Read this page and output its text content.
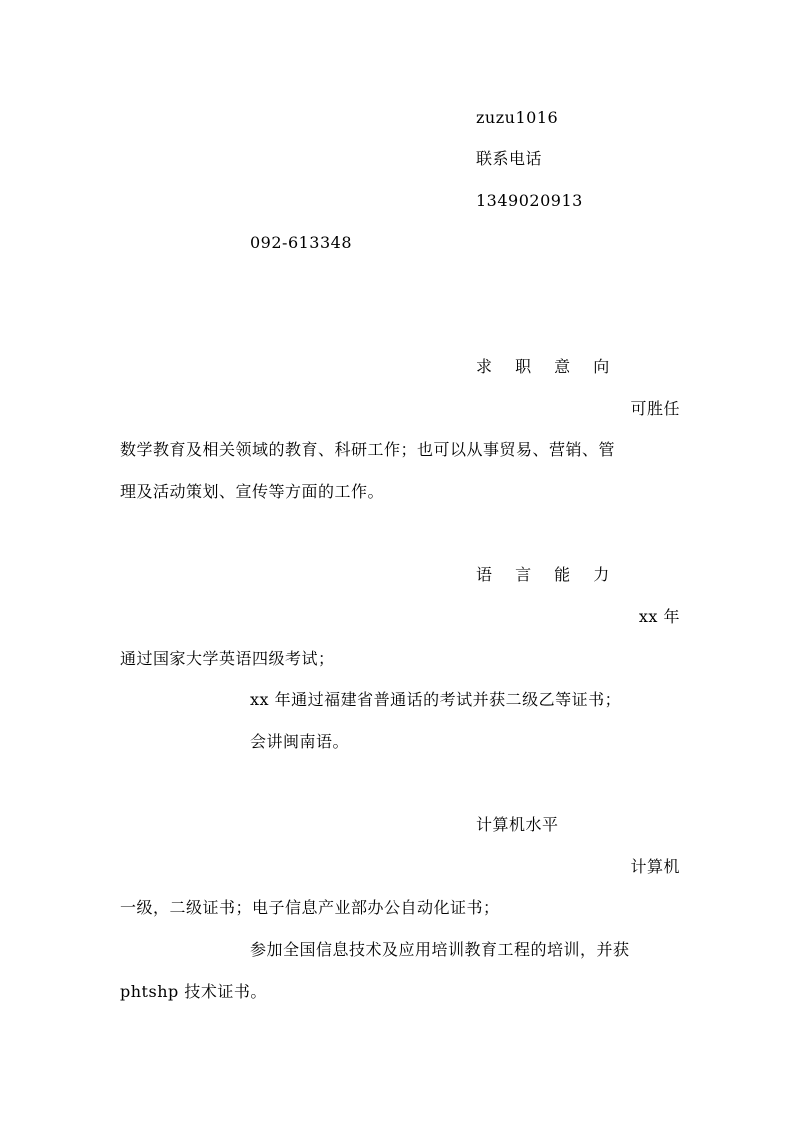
zuzu1016
联系电话
1349020913
092-613348
求 职 意 向
可胜任
数学教育及相关领域的教育、科研工作；也可以从事贸易、营销、管
理及活动策划、宣传等方面的工作。
语 言 能 力
xx 年
通过国家大学英语四级考试；
xx 年通过福建省普通话的考试并获二级乙等证书；
会讲闽南语。
计算机水平
计算机
一级，二级证书；电子信息产业部办公自动化证书；
参加全国信息技术及应用培训教育工程的培训，并获
phtshp 技术证书。
